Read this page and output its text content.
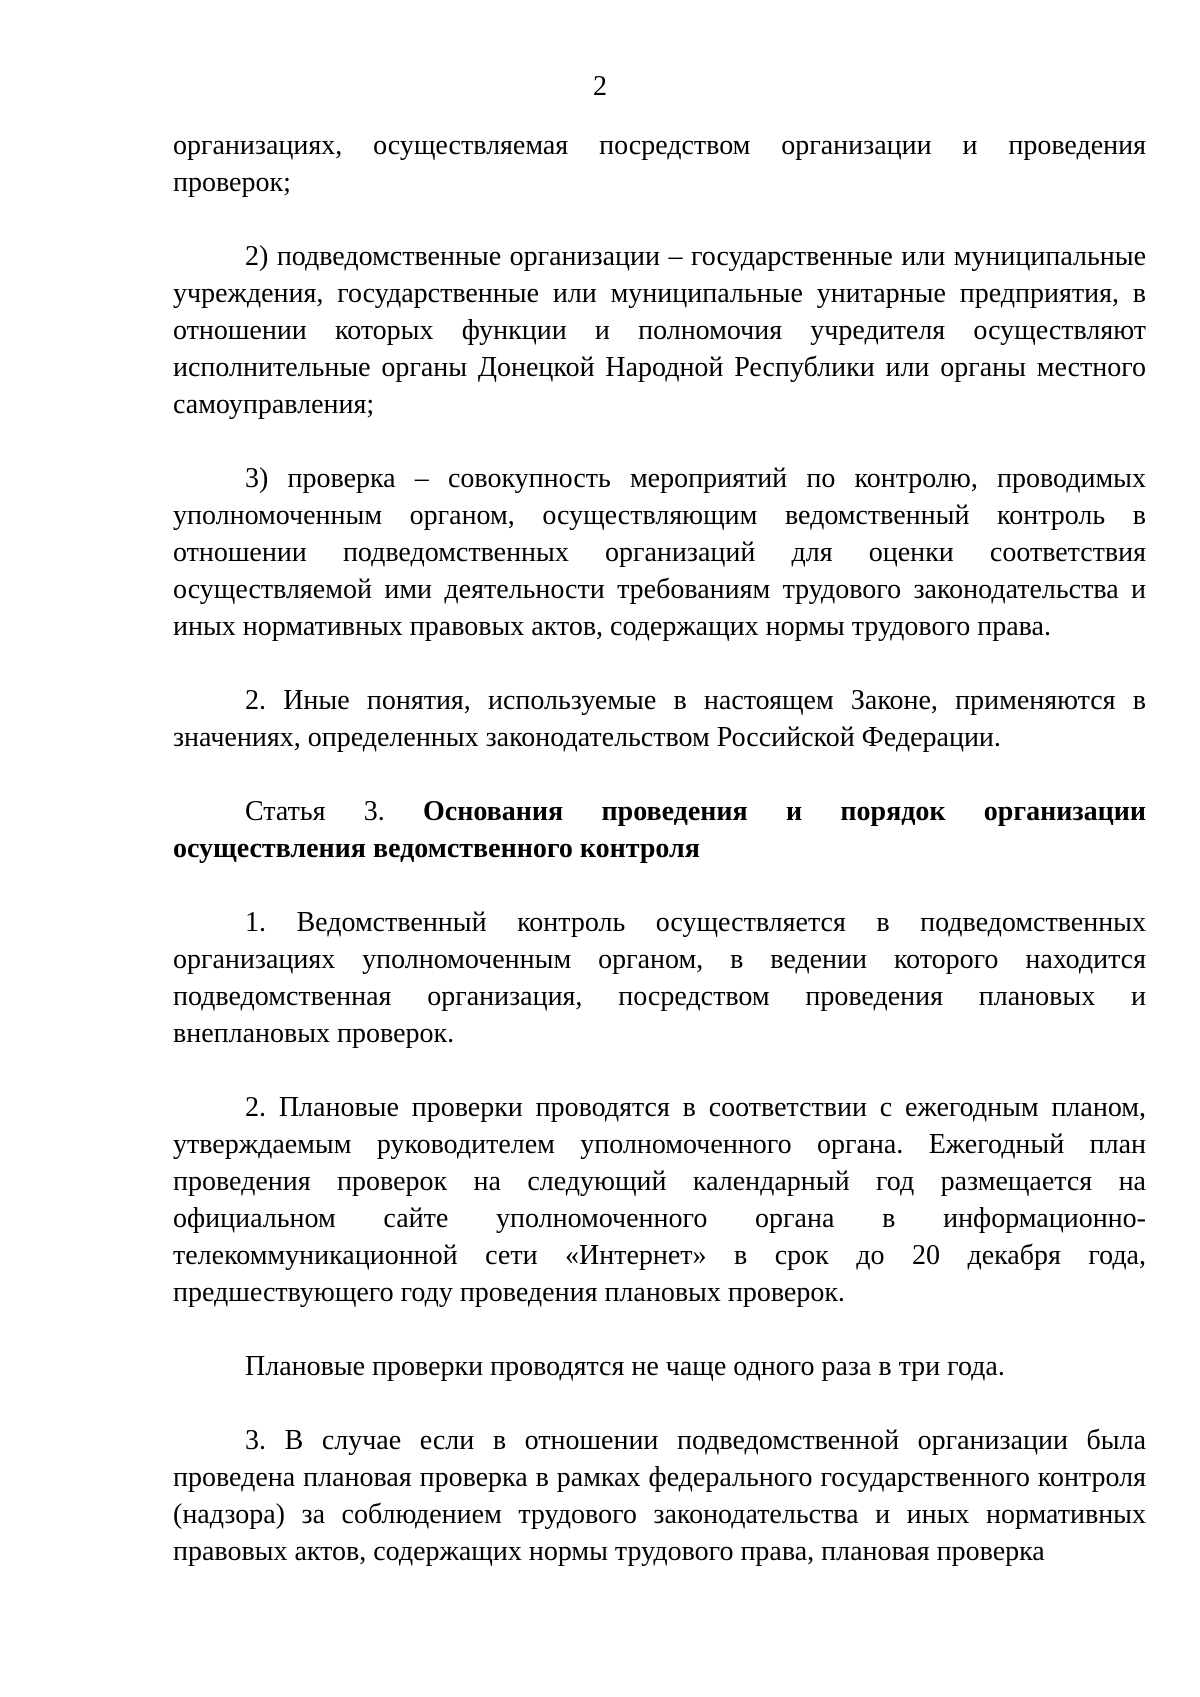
2

организациях, осуществляемая посредством организации и проведения проверок;

2) подведомственные организации – государственные или муниципальные учреждения, государственные или муниципальные унитарные предприятия, в отношении которых функции и полномочия учредителя осуществляют исполнительные органы Донецкой Народной Республики или органы местного самоуправления;

3) проверка – совокупность мероприятий по контролю, проводимых уполномоченным органом, осуществляющим ведомственный контроль в отношении подведомственных организаций для оценки соответствия осуществляемой ими деятельности требованиям трудового законодательства и иных нормативных правовых актов, содержащих нормы трудового права.

2. Иные понятия, используемые в настоящем Законе, применяются в значениях, определенных законодательством Российской Федерации.

Статья 3. Основания проведения и порядок организации осуществления ведомственного контроля

1. Ведомственный контроль осуществляется в подведомственных организациях уполномоченным органом, в ведении которого находится подведомственная организация, посредством проведения плановых и внеплановых проверок.

2. Плановые проверки проводятся в соответствии с ежегодным планом, утверждаемым руководителем уполномоченного органа. Ежегодный план проведения проверок на следующий календарный год размещается на официальном сайте уполномоченного органа в информационно-телекоммуникационной сети «Интернет» в срок до 20 декабря года, предшествующего году проведения плановых проверок.

Плановые проверки проводятся не чаще одного раза в три года.

3. В случае если в отношении подведомственной организации была проведена плановая проверка в рамках федерального государственного контроля (надзора) за соблюдением трудового законодательства и иных нормативных правовых актов, содержащих нормы трудового права, плановая проверка
